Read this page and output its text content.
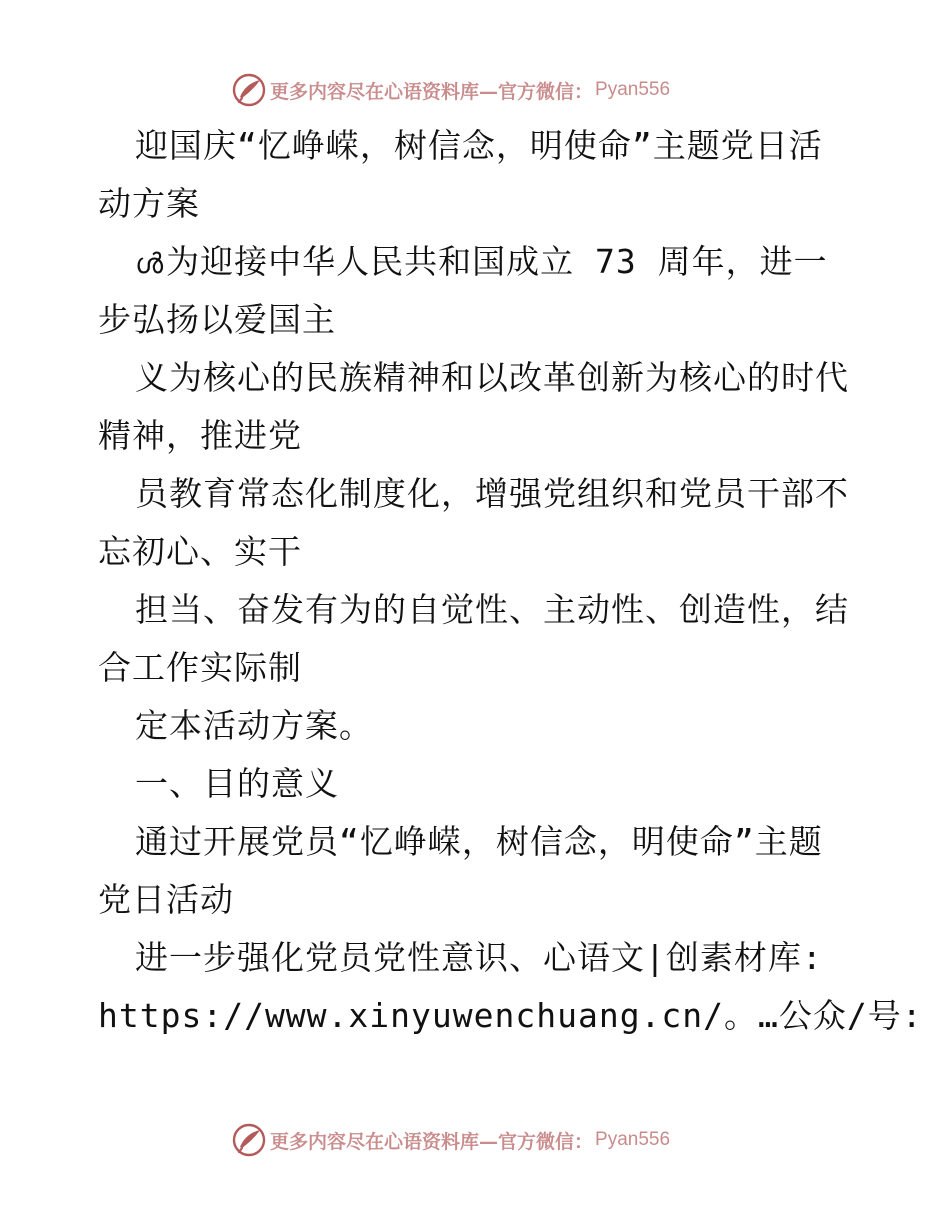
更多内容尽在心语资料库—官方微信： Pyan556
迎国庆“忆峥嵘，树信念，明使命”主题党日活
动方案
ൾ为迎接中华人民共和国成立 73 周年，进一
步弘扬以爱国主
义为核心的民族精神和以改革创新为核心的时代
精神，推进党
员教育常态化制度化，增强党组织和党员干部不
忘初心、实干
担当、奋发有为的自觉性、主动性、创造性，结
合工作实际制
定本活动方案。
一、目的意义
通过开展党员“忆峥嵘，树信念，明使命”主题
党日活动
进一步强化党员党性意识、心语文|创素材库:
https://www.xinyuwenchuang.cn/。…公众/号:
更多内容尽在心语资料库—官方微信： Pyan556
